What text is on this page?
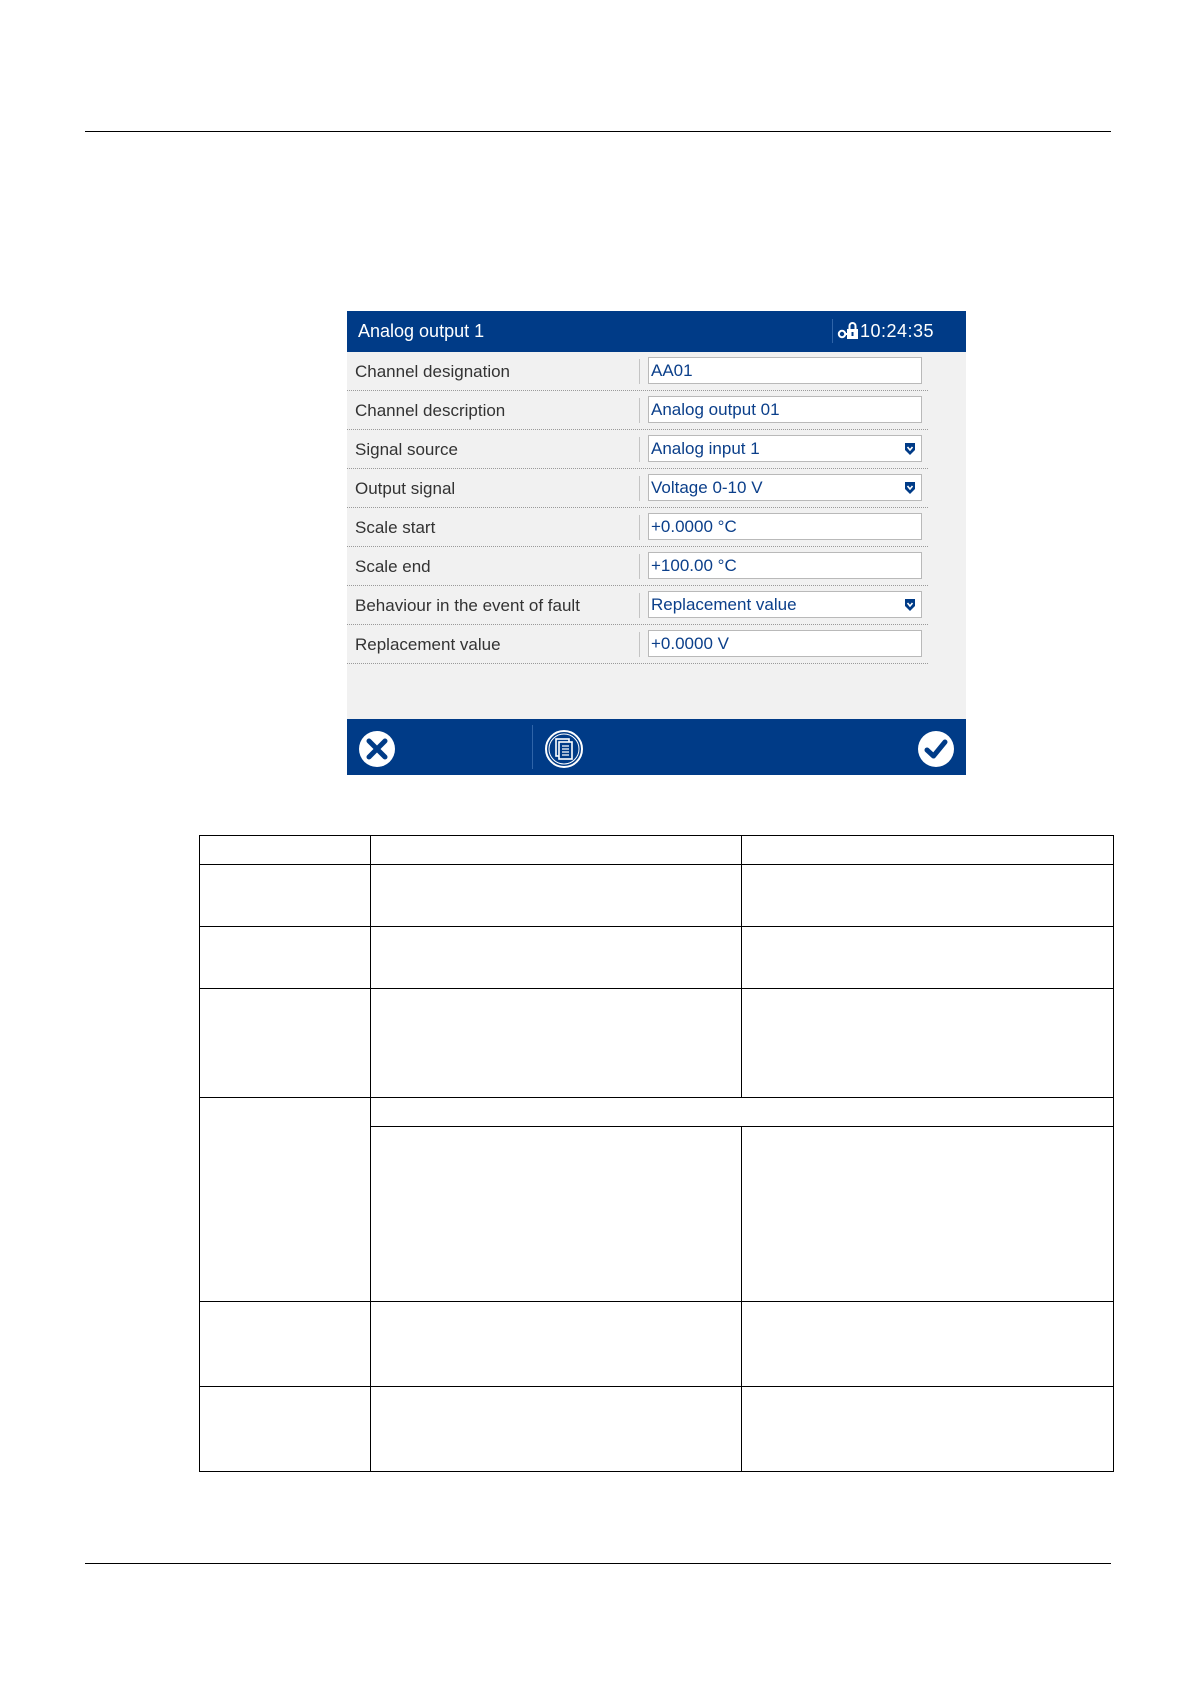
Analog output 1	10:24:35
Channel designation	AA01
Channel description	Analog output 01
Signal source	Analog input 1
Output signal	Voltage 0-10 V
Scale start	+0.0000 °C
Scale end	+100.00 °C
Behaviour in the event of fault	Replacement value
Replacement value	+0.0000 V
